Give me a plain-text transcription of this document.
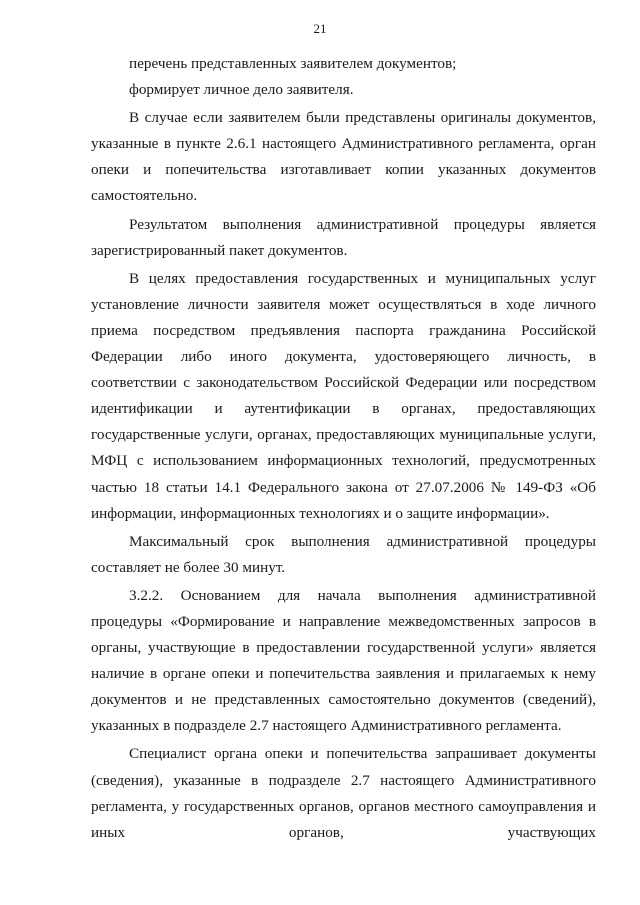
21

перечень представленных заявителем документов;

формирует личное дело заявителя.

В случае если заявителем были представлены оригиналы документов, указанные в пункте 2.6.1 настоящего Административного регламента, орган опеки и попечительства изготавливает копии указанных документов самостоятельно.

Результатом выполнения административной процедуры является зарегистрированный пакет документов.

В целях предоставления государственных и муниципальных услуг установление личности заявителя может осуществляться в ходе личного приема посредством предъявления паспорта гражданина Российской Федерации либо иного документа, удостоверяющего личность, в соответствии с законодательством Российской Федерации или посредством идентификации и аутентификации в органах, предоставляющих государственные услуги, органах, предоставляющих муниципальные услуги, МФЦ с использованием информационных технологий, предусмотренных частью 18 статьи 14.1 Федерального закона от 27.07.2006 № 149-ФЗ «Об информации, информационных технологиях и о защите информации».

Максимальный срок выполнения административной процедуры составляет не более 30 минут.

3.2.2. Основанием для начала выполнения административной процедуры «Формирование и направление межведомственных запросов в органы, участвующие в предоставлении государственной услуги» является наличие в органе опеки и попечительства заявления и прилагаемых к нему документов и не представленных самостоятельно документов (сведений), указанных в подразделе 2.7 настоящего Административного регламента.

Специалист органа опеки и попечительства запрашивает документы (сведения), указанные в подразделе 2.7 настоящего Административного регламента, у государственных органов, органов местного самоуправления и иных органов, участвующих
